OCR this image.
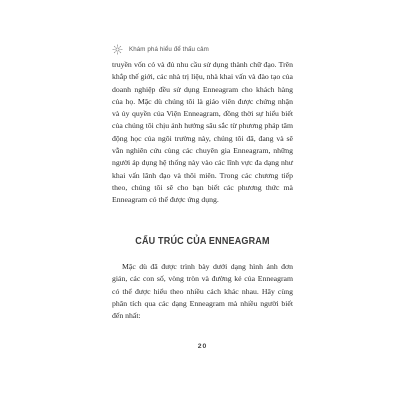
Khám phá hiểu để thấu cảm

truyền vốn có và đủ nhu cầu sử dụng thành chữ đạo. Trên khắp thế giới, các nhà trị liệu, nhà khai vấn và đào tạo của doanh nghiệp đều sử dụng Enneagram cho khách hàng của họ. Mặc dù chúng tôi là giáo viên được chứng nhận và ủy quyền của Viện Enneagram, đồng thời sự hiểu biết của chúng tôi chịu ảnh hưởng sâu sắc từ phương pháp tâm động học của ngôi trường này, chúng tôi đã, đang và sẽ vẫn nghiên cứu cùng các chuyên gia Enneagram, những người áp dụng hệ thống này vào các lĩnh vực đa dạng như khai vấn lãnh đạo và thôi miên. Trong các chương tiếp theo, chúng tôi sẽ cho bạn biết các phương thức mà Enneagram có thể được ứng dụng.

CẤU TRÚC CỦA ENNEAGRAM

Mặc dù đã được trình bày dưới dạng hình ảnh đơn giản, các con số, vòng tròn và đường kẻ của Enneagram có thể được hiểu theo nhiều cách khác nhau. Hãy cùng phân tích qua các dạng Enneagram mà nhiều người biết đến nhất:

20
